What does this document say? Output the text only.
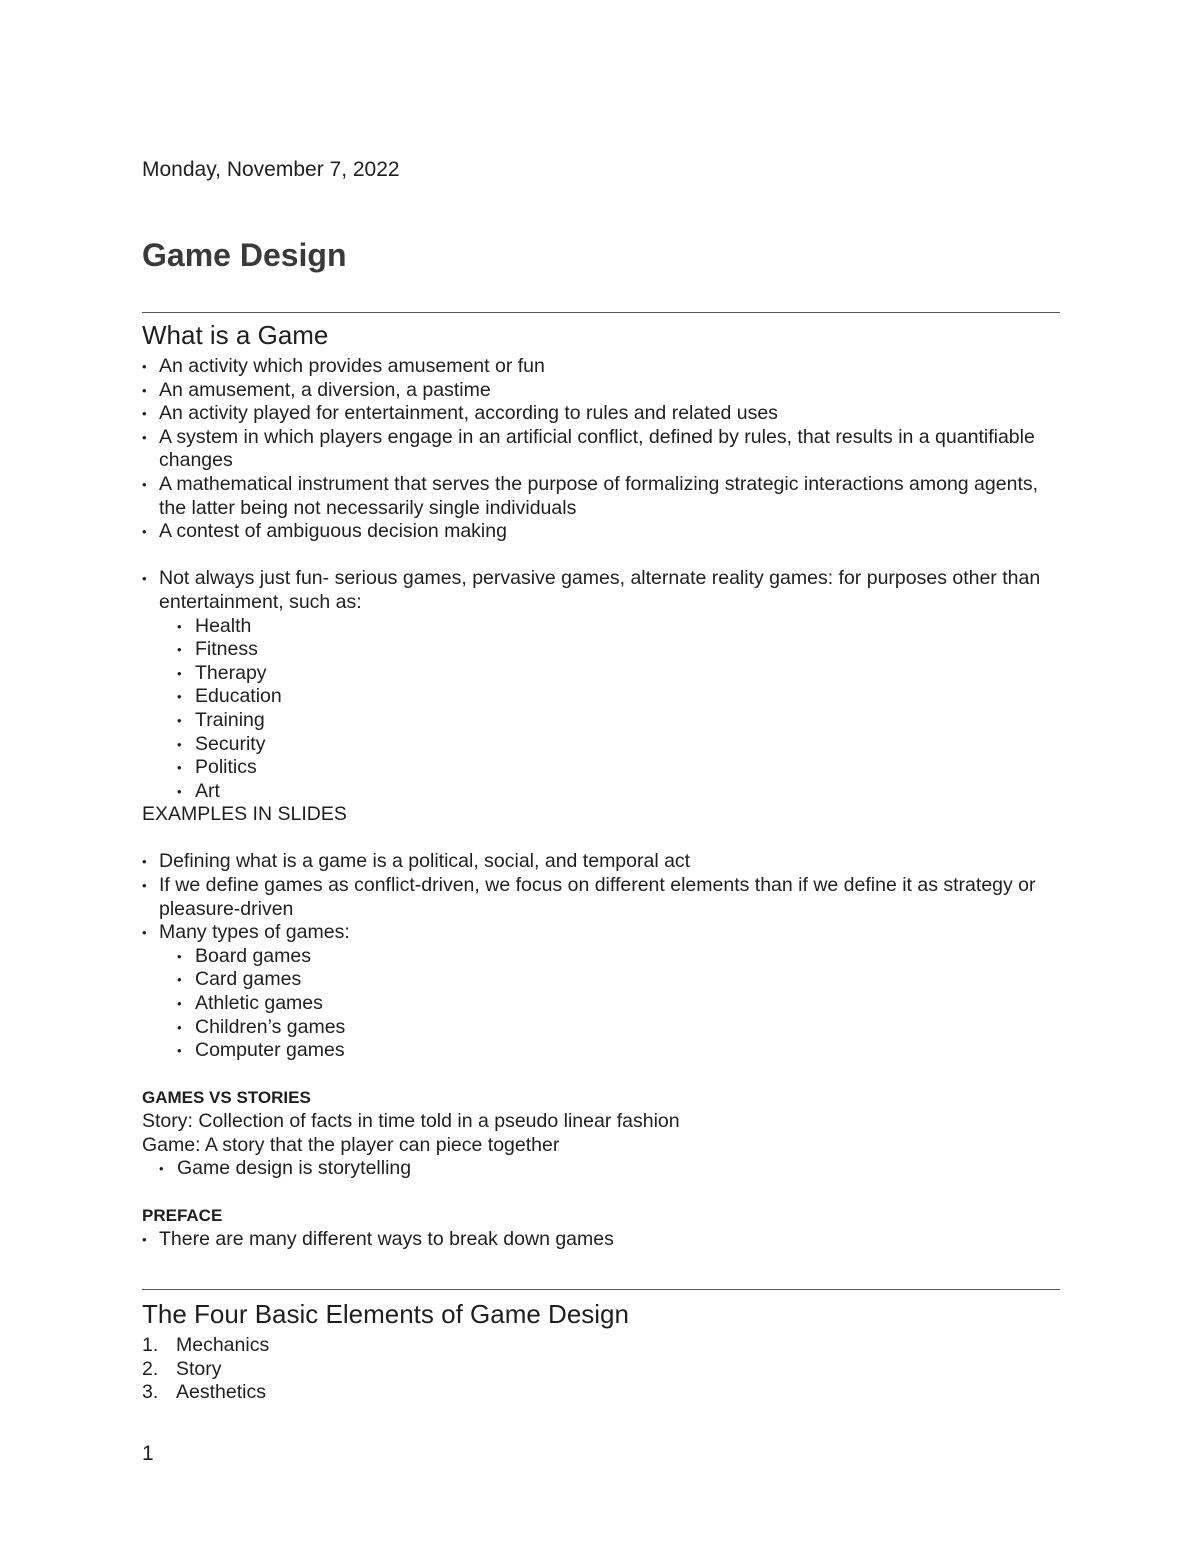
Monday, November 7, 2022
Game Design
What is a Game
• An activity which provides amusement or fun
• An amusement, a diversion, a pastime
• An activity played for entertainment, according to rules and related uses
• A system in which players engage in an artificial conflict, defined by rules, that results in a quantifiable changes
• A mathematical instrument that serves the purpose of formalizing strategic interactions among agents, the latter being not necessarily single individuals
• A contest of ambiguous decision making
• Not always just fun- serious games, pervasive games, alternate reality games: for purposes other than entertainment, such as:
• Health
• Fitness
• Therapy
• Education
• Training
• Security
• Politics
• Art

EXAMPLES IN SLIDES

• Defining what is a game is a political, social, and temporal act
• If we define games as conflict-driven, we focus on different elements than if we define it as strategy or pleasure-driven
• Many types of games:
• Board games
• Card games
• Athletic games
• Children’s games
• Computer games

GAMES VS STORIES

Story: Collection of facts in time told in a pseudo linear fashion

Game: A story that the player can piece together

• Game design is storytelling

PREFACE

• There are many different ways to break down games
The Four Basic Elements of Game Design
1. Mechanics
2. Story
3. Aesthetics
1
